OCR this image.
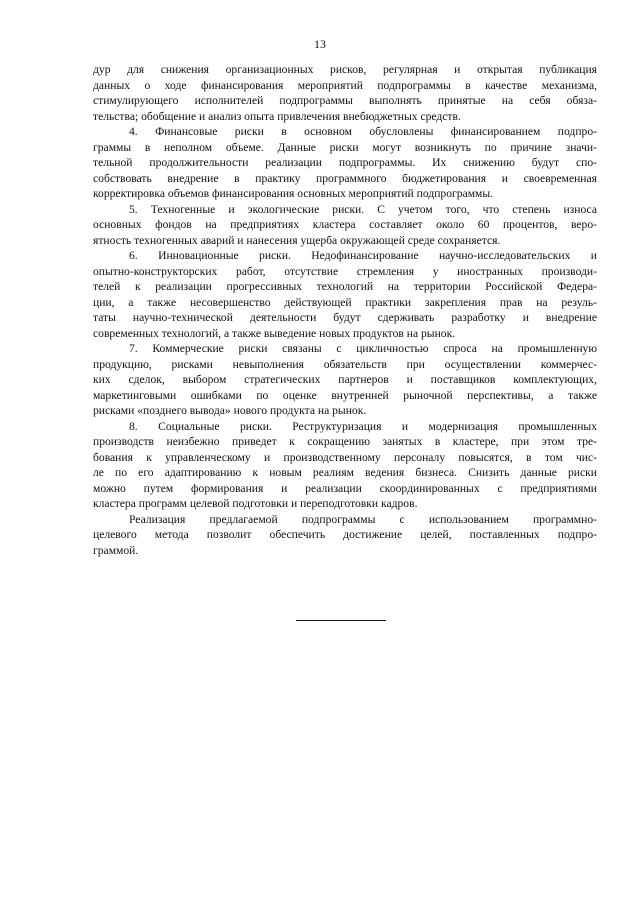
13
дур для снижения организационных рисков, регулярная и открытая публикация
данных о ходе финансирования мероприятий подпрограммы в качестве механизма,
стимулирующего исполнителей подпрограммы выполнять принятые на себя обяза-
тельства; обобщение и анализ опыта привлечения внебюджетных средств.
4. Финансовые риски в основном обусловлены финансированием подпро-
граммы в неполном объеме. Данные риски могут возникнуть по причине значи-
тельной продолжительности реализации подпрограммы. Их снижению будут спо-
собствовать внедрение в практику программного бюджетирования и своевременная
корректировка объемов финансирования основных мероприятий подпрограммы.
5. Техногенные и экологические риски. С учетом того, что степень износа
основных фондов на предприятиях кластера составляет около 60 процентов, веро-
ятность техногенных аварий и нанесения ущерба окружающей среде сохраняется.
6. Инновационные риски. Недофинансирование научно-исследовательских и
опытно-конструкторских работ, отсутствие стремления у иностранных производи-
телей к реализации прогрессивных технологий на территории Российской Федера-
ции, а также несовершенство действующей практики закрепления прав на резуль-
таты научно-технической деятельности будут сдерживать разработку и внедрение
современных технологий, а также выведение новых продуктов на рынок.
7. Коммерческие риски связаны с цикличностью спроса на промышленную
продукцию, рисками невыполнения обязательств при осуществлении коммерчес-
ких сделок, выбором стратегических партнеров и поставщиков комплектующих,
маркетинговыми ошибками по оценке внутренней рыночной перспективы, а также
рисками «позднего вывода» нового продукта на рынок.
8. Социальные риски. Реструктуризация и модернизация промышленных
производств неизбежно приведет к сокращению занятых в кластере, при этом тре-
бования к управленческому и производственному персоналу повысятся, в том чис-
ле по его адаптированию к новым реалиям ведения бизнеса. Снизить данные риски
можно путем формирования и реализации скоординированных с предприятиями
кластера программ целевой подготовки и переподготовки кадров.
Реализация предлагаемой подпрограммы с использованием программно-
целевого метода позволит обеспечить достижение целей, поставленных подпро-
граммой.
